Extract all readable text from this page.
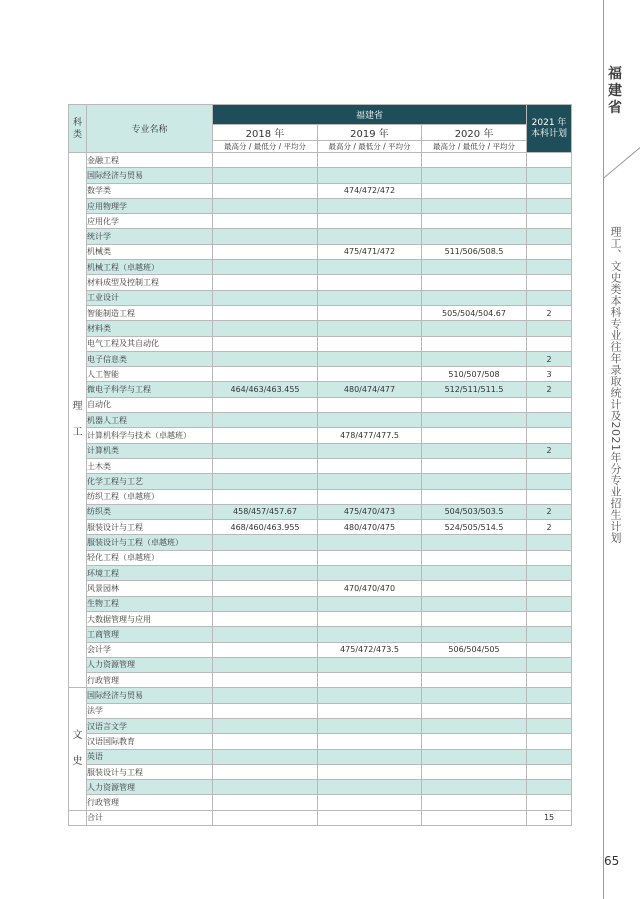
福建省
理工、文史类本科专业往年录取统计及2021年分专业招生计划
65
科类	专业名称	福建省			2021 年
本科计划

		2018 年	2019 年	2020 年	
		最高分 / 最低分 / 平均分	最高分 / 最低分 / 平均分	最高分 / 最低分 / 平均分	

理
工	金融工程				
	国际经济与贸易				
	数学类		474/472/472		
	应用物理学				
	应用化学				
	统计学				
	机械类		475/471/472	511/506/508.5	
	机械工程（卓越班）				
	材料成型及控制工程				
	工业设计				
	智能制造工程			505/504/504.67	2
	材料类				
	电气工程及其自动化				
	电子信息类				2
	人工智能			510/507/508	3
	微电子科学与工程	464/463/463.455	480/474/477	512/511/511.5	2
	自动化				
	机器人工程				
	计算机科学与技术（卓越班）		478/477/477.5		
	计算机类				2
	土木类				
	化学工程与工艺				
	纺织工程（卓越班）				
	纺织类	458/457/457.67	475/470/473	504/503/503.5	2
	服装设计与工程	468/460/463.955	480/470/475	524/505/514.5	2
	服装设计与工程（卓越班）				
	轻化工程（卓越班）				
	环境工程				
	风景园林		470/470/470		
	生物工程				
	大数据管理与应用				
	工商管理				
	会计学		475/472/473.5	506/504/505	
	人力资源管理				
	行政管理				

文
史	国际经济与贸易				
	法学				
	汉语言文学				
	汉语国际教育				
	英语				
	服装设计与工程				
	人力资源管理				
	行政管理				
	合计				15
